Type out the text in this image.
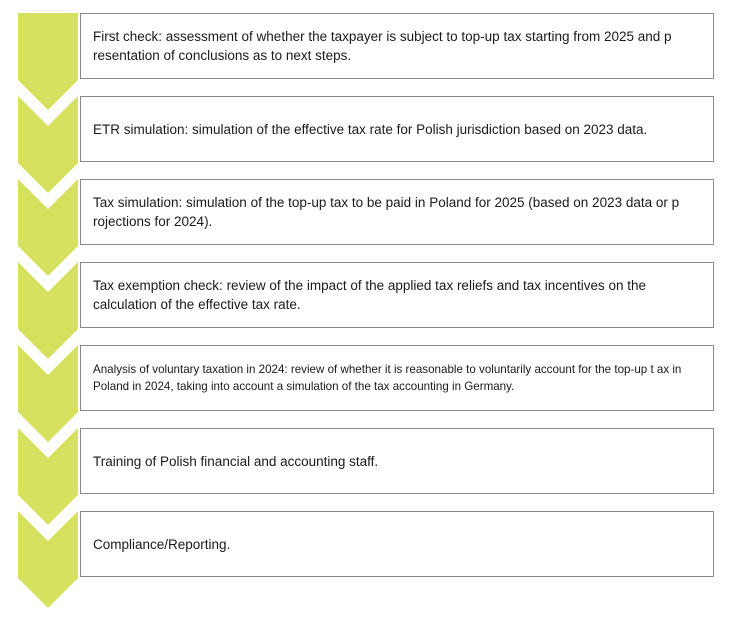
First check: assessment of whether the taxpayer is subject to top-up tax starting from 2025 and p resentation of conclusions as to next steps.
ETR simulation: simulation of the effective tax rate for Polish jurisdiction based on 2023 data.
Tax simulation: simulation of the top-up tax to be paid in Poland for 2025 (based on 2023 data or p rojections for 2024).
Tax exemption check: review of the impact of the applied tax reliefs and tax incentives on the calculation of the effective tax rate.
Analysis of voluntary taxation in 2024: review of whether it is reasonable to voluntarily account for the top-up t ax in Poland in 2024, taking into account a simulation of the tax accounting in Germany.
Training of Polish financial and accounting staff.
Compliance/Reporting.
